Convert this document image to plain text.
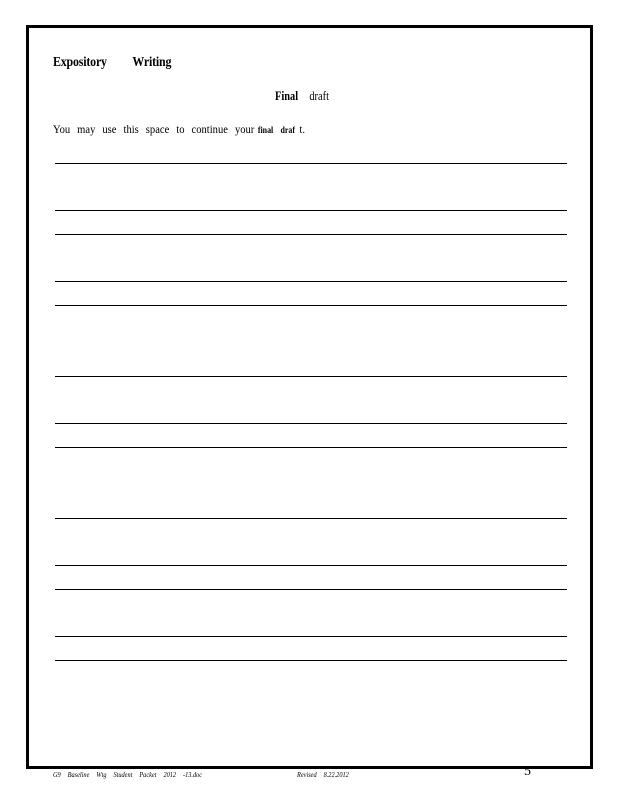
Expository Writing
Final draft
You may use this space to continue your final draf t.
G9 Baseline Wtg Student Packet 2012 -13.doc	Revised 8.22.2012	5
